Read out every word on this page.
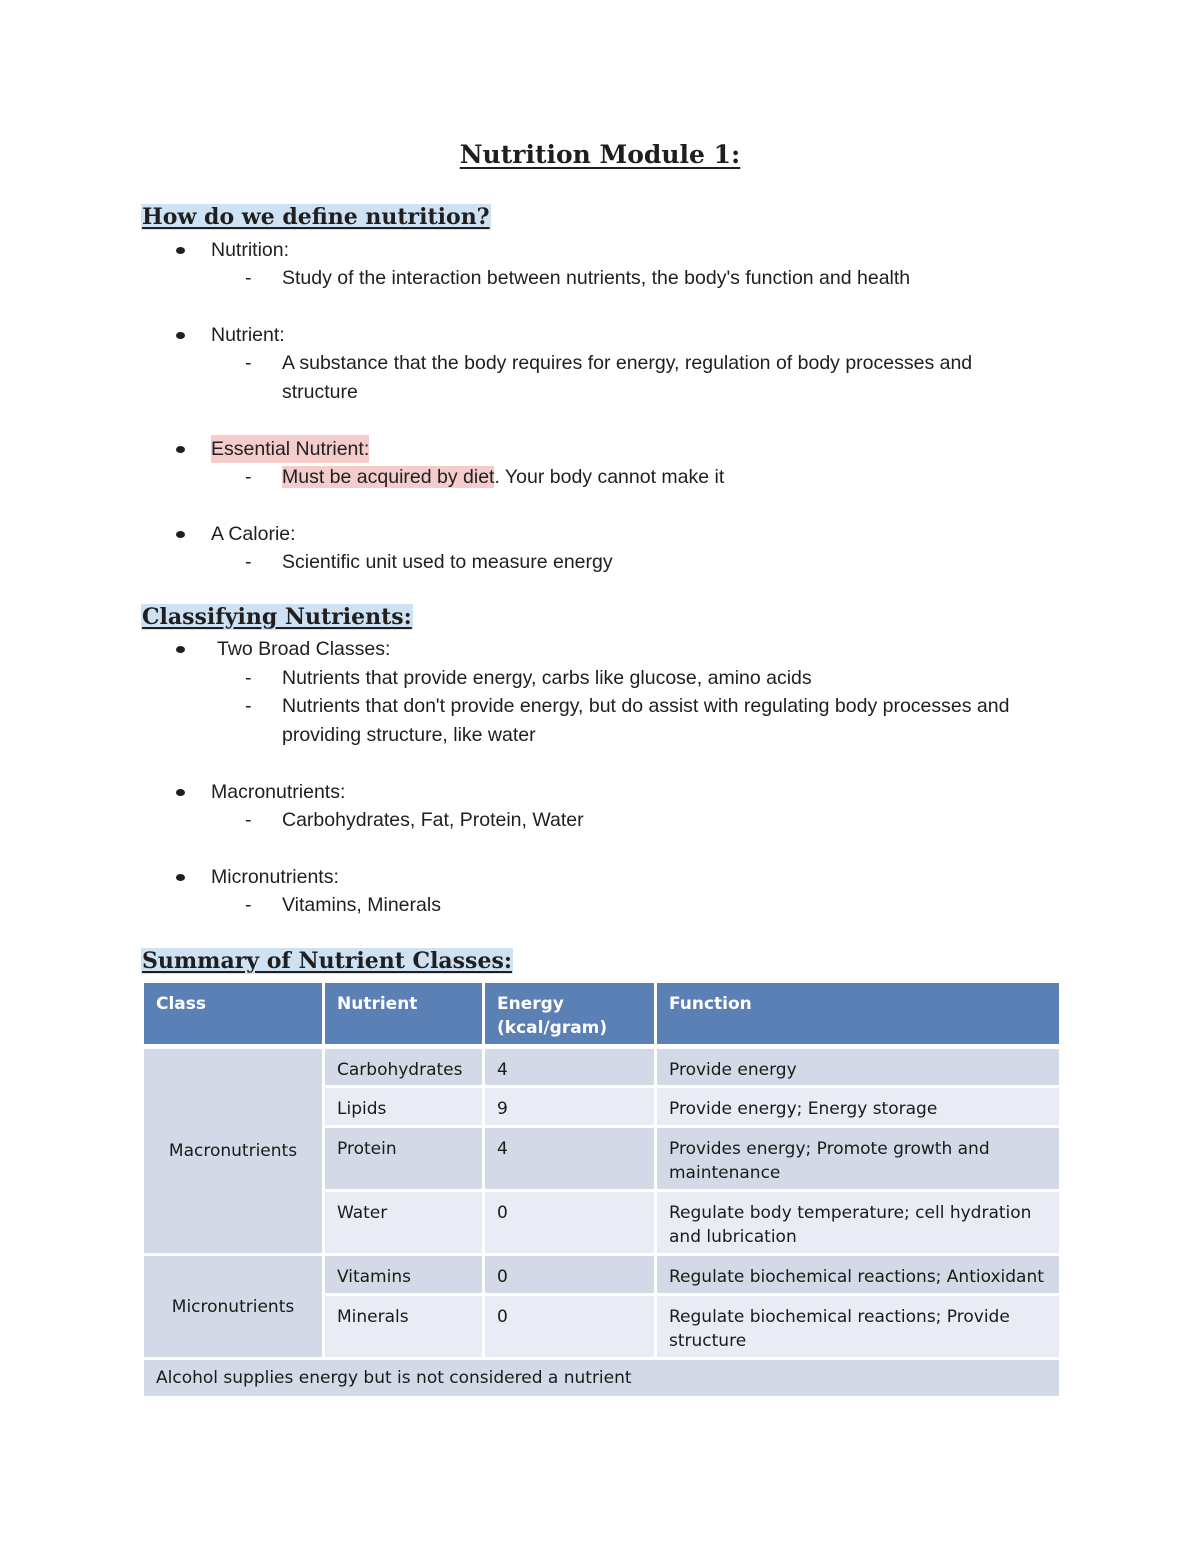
Nutrition Module 1:
How do we define nutrition?
Nutrition:
- Study of the interaction between nutrients, the body's function and health
Nutrient:
- A substance that the body requires for energy, regulation of body processes and structure
Essential Nutrient:
- Must be acquired by diet. Your body cannot make it
A Calorie:
- Scientific unit used to measure energy
Classifying Nutrients:
Two Broad Classes:
- Nutrients that provide energy, carbs like glucose, amino acids
- Nutrients that don't provide energy, but do assist with regulating body processes and providing structure, like water
Macronutrients:
- Carbohydrates, Fat, Protein, Water
Micronutrients:
- Vitamins, Minerals
Summary of Nutrient Classes:
Class	Nutrient	Energy (kcal/gram)	Function
Macronutrients	Carbohydrates	4	Provide energy
	Lipids	9	Provide energy; Energy storage
	Protein	4	Provides energy; Promote growth and maintenance
	Water	0	Regulate body temperature; cell hydration and lubrication
Micronutrients	Vitamins	0	Regulate biochemical reactions; Antioxidant
	Minerals	0	Regulate biochemical reactions; Provide structure
Alcohol supplies energy but is not considered a nutrient			
